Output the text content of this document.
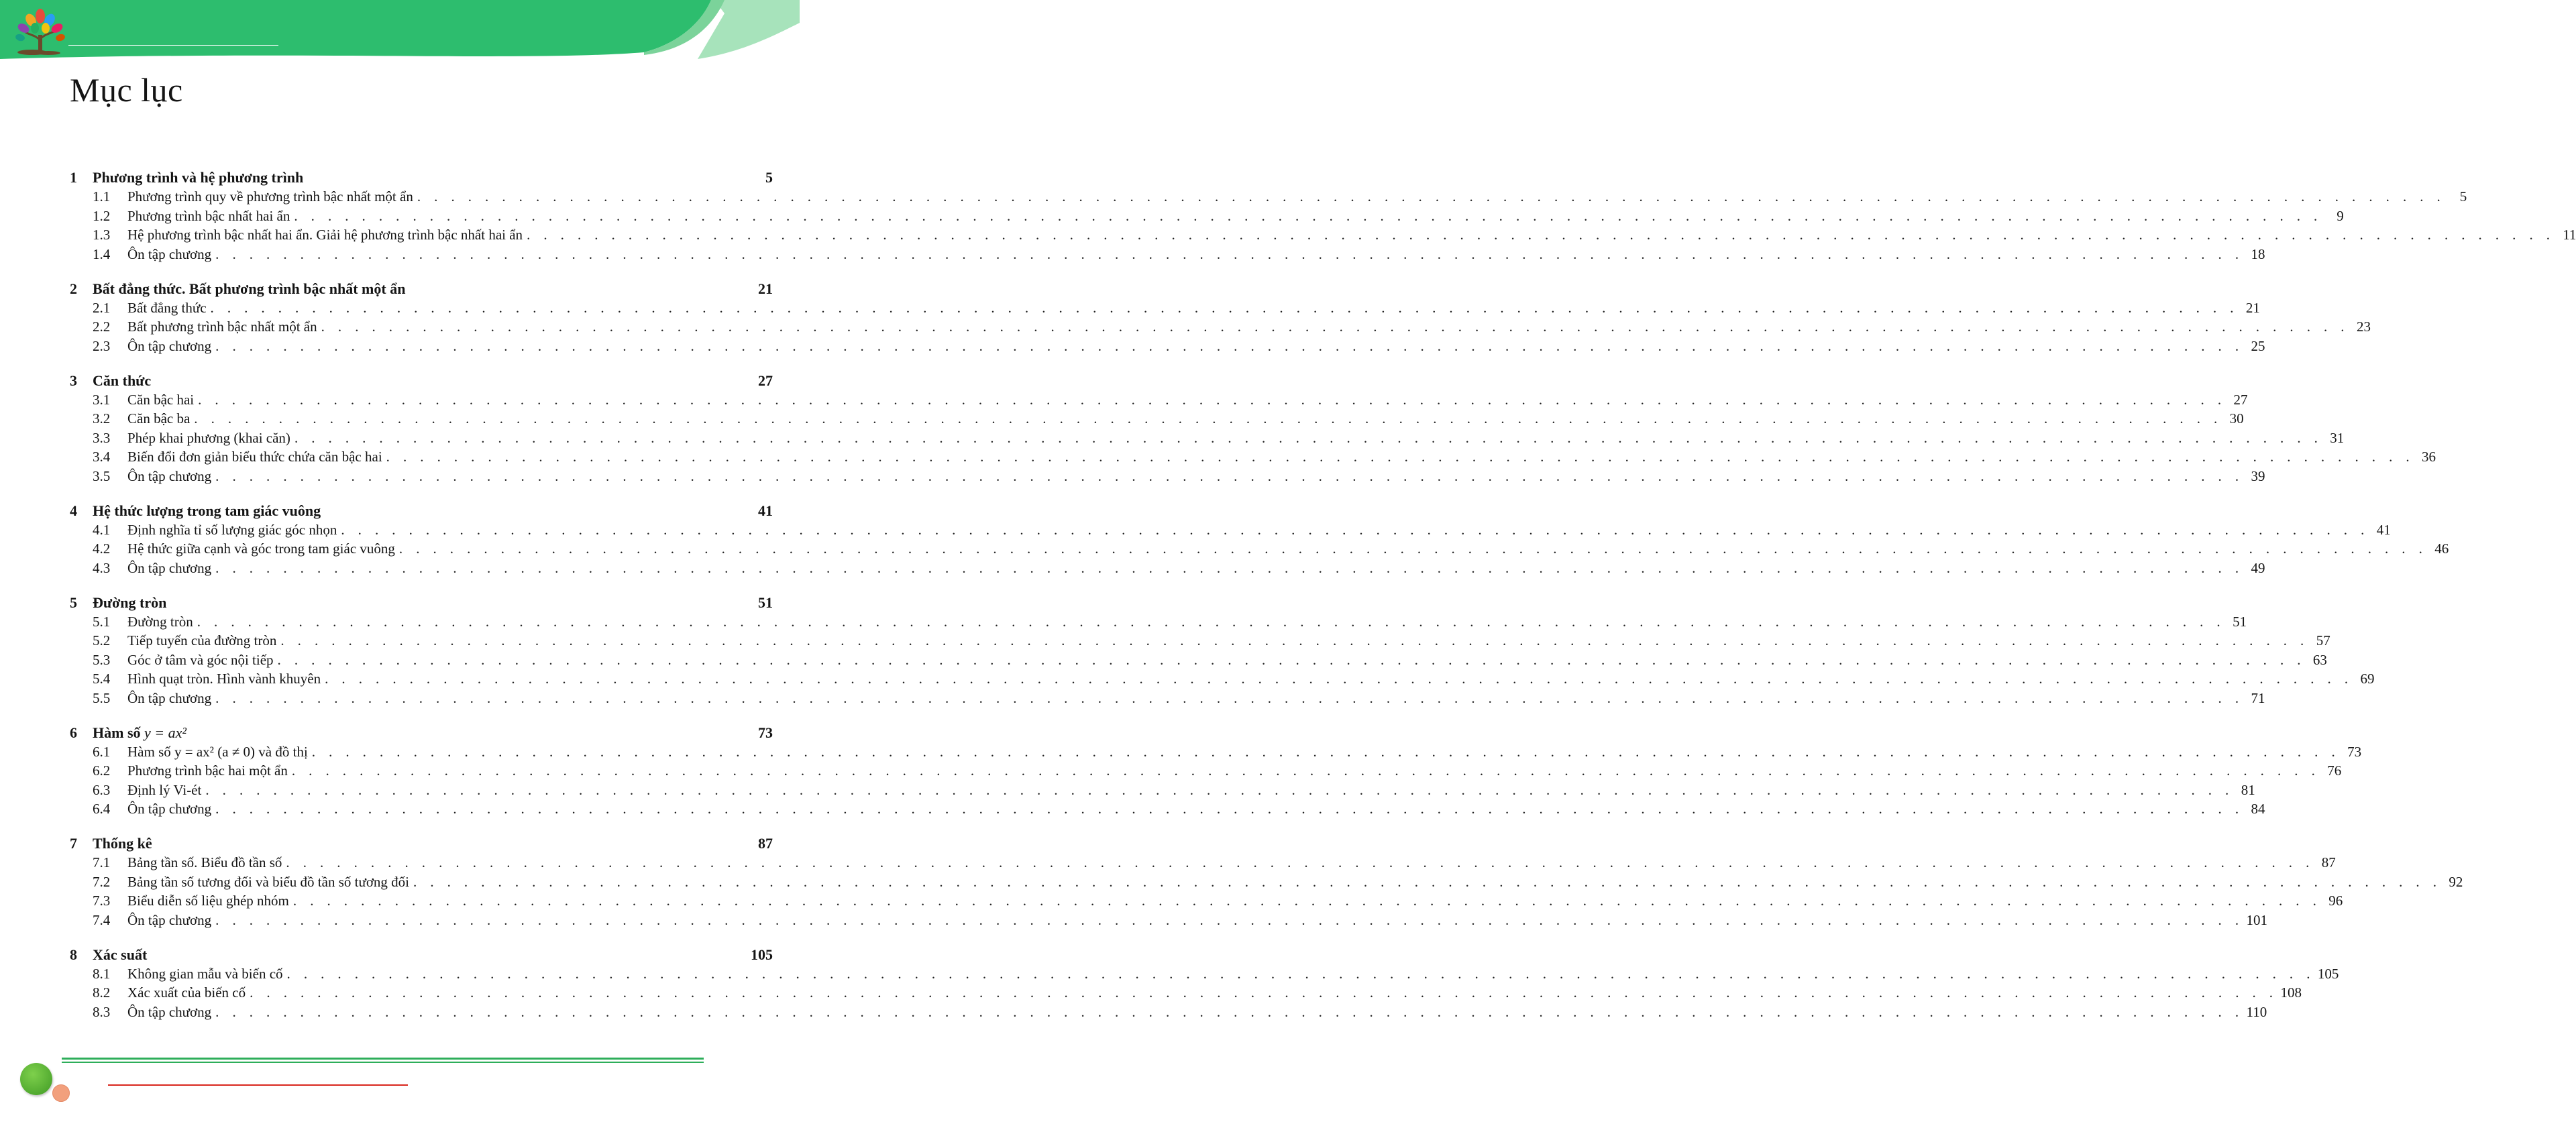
Mục lục
1	Phương trình và hệ phương trình	5
1.1	Phương trình quy về phương trình bậc nhất một ẩn . . . . . . . . . . . . . . . . . . . . . . . . . . . . . . . . . . . . . . . . . . . . . . . . . . . . . . . . . . . . . . . . . . . . . . . . . . . . . . . . . . . . . . . . . . . . . . . . . . . . . . . . . . . . . . . . . . . . . . . .	5
1.2	Phương trình bậc nhất hai ẩn . . . . . . . . . . . . . . . . . . . . . . . . . . . . . . . . . . . . . . . . . . . . . . . . . . . . . . . . . . . . . . . . . . . . . . . . . . . . . . . . . . . . . . . . . . . . . . . . . . . . . . . . . . . . . . . . . . . . . . . .	9
1.3	Hệ phương trình bậc nhất hai ẩn. Giải hệ phương trình bậc nhất hai ẩn . . . . . . . . . . . . . . . . . . . . . . . . . . . . . . . . . . . . . . . . . . . . . . . . . . . . . . . . . . . . . . . . . . . . . . . . . . . . . . . . . . . . . . . . . . . . . . . . . . . . . . . . . . . . . . . . . . . . . . . . 11
1.4	Ôn tập chương . . . . . . . . . . . . . . . . . . . . . . . . . . . . . . . . . . . . . . . . . . . . . . . . . . . . . . . . . . . . . . . . . . . . . . . . . . . . . . . . . . . . . . . . . . . . . . . . . . . . . . . . . . . . . . . . . . . . . . . . 18
2	Bất đẳng thức. Bất phương trình bậc nhất một ẩn	21
2.1	Bất đẳng thức . . . . . . . . . . . . . . . . . . . . . . . . . . . . . . . . . . . . . . . . . . . . . . . . . . . . . . . . . . . . . . . . . . . . . . . . . . . . . . . . . . . . . . . . . . . . . . . . . . . . . . . . . . . . . . . . . . . . . . . . 21
2.2	Bất phương trình bậc nhất một ẩn . . . . . . . . . . . . . . . . . . . . . . . . . . . . . . . . . . . . . . . . . . . . . . . . . . . . . . . . . . . . . . . . . . . . . . . . . . . . . . . . . . . . . . . . . . . . . . . . . . . . . . . . . . . . . . . . . . . . . . . . 23
2.3	Ôn tập chương . . . . . . . . . . . . . . . . . . . . . . . . . . . . . . . . . . . . . . . . . . . . . . . . . . . . . . . . . . . . . . . . . . . . . . . . . . . . . . . . . . . . . . . . . . . . . . . . . . . . . . . . . . . . . . . . . . . . . . . . 25
3	Căn thức	27
3.1	Căn bậc hai . . . . . . . . . . . . . . . . . . . . . . . . . . . . . . . . . . . . . . . . . . . . . . . . . . . . . . . . . . . . . . . . . . . . . . . . . . . . . . . . . . . . . . . . . . . . . . . . . . . . . . . . . . . . . . . . . . . . . . . . 27
3.2	Căn bậc ba . . . . . . . . . . . . . . . . . . . . . . . . . . . . . . . . . . . . . . . . . . . . . . . . . . . . . . . . . . . . . . . . . . . . . . . . . . . . . . . . . . . . . . . . . . . . . . . . . . . . . . . . . . . . . . . . . . . . . . . . 30
3.3	Phép khai phương (khai căn) . . . . . . . . . . . . . . . . . . . . . . . . . . . . . . . . . . . . . . . . . . . . . . . . . . . . . . . . . . . . . . . . . . . . . . . . . . . . . . . . . . . . . . . . . . . . . . . . . . . . . . . . . . . . . . . . . . . . . . . . 31
3.4	Biến đổi đơn giản biểu thức chứa căn bậc hai . . . . . . . . . . . . . . . . . . . . . . . . . . . . . . . . . . . . . . . . . . . . . . . . . . . . . . . . . . . . . . . . . . . . . . . . . . . . . . . . . . . . . . . . . . . . . . . . . . . . . . . . . . . . . . . . . . . . . . . . 36
3.5	Ôn tập chương . . . . . . . . . . . . . . . . . . . . . . . . . . . . . . . . . . . . . . . . . . . . . . . . . . . . . . . . . . . . . . . . . . . . . . . . . . . . . . . . . . . . . . . . . . . . . . . . . . . . . . . . . . . . . . . . . . . . . . . . 39
4	Hệ thức lượng trong tam giác vuông	41
4.1	Định nghĩa tỉ số lượng giác góc nhọn . . . . . . . . . . . . . . . . . . . . . . . . . . . . . . . . . . . . . . . . . . . . . . . . . . . . . . . . . . . . . . . . . . . . . . . . . . . . . . . . . . . . . . . . . . . . . . . . . . . . . . . . . . . . . . . . . . . . . . . . 41
4.2	Hệ thức giữa cạnh và góc trong tam giác vuông . . . . . . . . . . . . . . . . . . . . . . . . . . . . . . . . . . . . . . . . . . . . . . . . . . . . . . . . . . . . . . . . . . . . . . . . . . . . . . . . . . . . . . . . . . . . . . . . . . . . . . . . . . . . . . . . . . . . . . . . 46
4.3	Ôn tập chương . . . . . . . . . . . . . . . . . . . . . . . . . . . . . . . . . . . . . . . . . . . . . . . . . . . . . . . . . . . . . . . . . . . . . . . . . . . . . . . . . . . . . . . . . . . . . . . . . . . . . . . . . . . . . . . . . . . . . . . . 49
5	Đường tròn	51
5.1	Đường tròn . . . . . . . . . . . . . . . . . . . . . . . . . . . . . . . . . . . . . . . . . . . . . . . . . . . . . . . . . . . . . . . . . . . . . . . . . . . . . . . . . . . . . . . . . . . . . . . . . . . . . . . . . . . . . . . . . . . . . . . . 51
5.2	Tiếp tuyến của đường tròn . . . . . . . . . . . . . . . . . . . . . . . . . . . . . . . . . . . . . . . . . . . . . . . . . . . . . . . . . . . . . . . . . . . . . . . . . . . . . . . . . . . . . . . . . . . . . . . . . . . . . . . . . . . . . . . . . . . . . . . . 57
5.3	Góc ở tâm và góc nội tiếp . . . . . . . . . . . . . . . . . . . . . . . . . . . . . . . . . . . . . . . . . . . . . . . . . . . . . . . . . . . . . . . . . . . . . . . . . . . . . . . . . . . . . . . . . . . . . . . . . . . . . . . . . . . . . . . . . . . . . . . . 63
5.4	Hình quạt tròn. Hình vành khuyên . . . . . . . . . . . . . . . . . . . . . . . . . . . . . . . . . . . . . . . . . . . . . . . . . . . . . . . . . . . . . . . . . . . . . . . . . . . . . . . . . . . . . . . . . . . . . . . . . . . . . . . . . . . . . . . . . . . . . . . . 69
5.5	Ôn tập chương . . . . . . . . . . . . . . . . . . . . . . . . . . . . . . . . . . . . . . . . . . . . . . . . . . . . . . . . . . . . . . . . . . . . . . . . . . . . . . . . . . . . . . . . . . . . . . . . . . . . . . . . . . . . . . . . . . . . . . . . 71
6	Hàm số y = ax²	73
6.1	Hàm số y = ax² (a ≠ 0) và đồ thị . . . . . . . . . . . . . . . . . . . . . . . . . . . . . . . . . . . . . . . . . . . . . . . . . . . . . . . . . . . . . . . . . . . . . . . . . . . . . . . . . . . . . . . . . . . . . . . . . . . . . . . . . . . . . . . . . . . . . . . . 73
6.2	Phương trình bậc hai một ẩn . . . . . . . . . . . . . . . . . . . . . . . . . . . . . . . . . . . . . . . . . . . . . . . . . . . . . . . . . . . . . . . . . . . . . . . . . . . . . . . . . . . . . . . . . . . . . . . . . . . . . . . . . . . . . . . . . . . . . . . . 76
6.3	Định lý Vi-ét . . . . . . . . . . . . . . . . . . . . . . . . . . . . . . . . . . . . . . . . . . . . . . . . . . . . . . . . . . . . . . . . . . . . . . . . . . . . . . . . . . . . . . . . . . . . . . . . . . . . . . . . . . . . . . . . . . . . . . . . 81
6.4	Ôn tập chương . . . . . . . . . . . . . . . . . . . . . . . . . . . . . . . . . . . . . . . . . . . . . . . . . . . . . . . . . . . . . . . . . . . . . . . . . . . . . . . . . . . . . . . . . . . . . . . . . . . . . . . . . . . . . . . . . . . . . . . . 84
7	Thống kê	87
7.1	Bảng tần số. Biểu đồ tần số . . . . . . . . . . . . . . . . . . . . . . . . . . . . . . . . . . . . . . . . . . . . . . . . . . . . . . . . . . . . . . . . . . . . . . . . . . . . . . . . . . . . . . . . . . . . . . . . . . . . . . . . . . . . . . . . . . . . . . . . 87
7.2	Bảng tần số tương đối và biểu đồ tần số tương đối . . . . . . . . . . . . . . . . . . . . . . . . . . . . . . . . . . . . . . . . . . . . . . . . . . . . . . . . . . . . . . . . . . . . . . . . . . . . . . . . . . . . . . . . . . . . . . . . . . . . . . . . . . . . . . . . . . . . . . . . 92
7.3	Biểu diễn số liệu ghép nhóm . . . . . . . . . . . . . . . . . . . . . . . . . . . . . . . . . . . . . . . . . . . . . . . . . . . . . . . . . . . . . . . . . . . . . . . . . . . . . . . . . . . . . . . . . . . . . . . . . . . . . . . . . . . . . . . . . . . . . . . . 96
7.4	Ôn tập chương . . . . . . . . . . . . . . . . . . . . . . . . . . . . . . . . . . . . . . . . . . . . . . . . . . . . . . . . . . . . . . . . . . . . . . . . . . . . . . . . . . . . . . . . . . . . . . . . . . . . . . . . . . . . . . . . . . . . . . . . 101
8	Xác suất	105
8.1	Không gian mẫu và biến cố . . . . . . . . . . . . . . . . . . . . . . . . . . . . . . . . . . . . . . . . . . . . . . . . . . . . . . . . . . . . . . . . . . . . . . . . . . . . . . . . . . . . . . . . . . . . . . . . . . . . . . . . . . . . . . . . . . . . . . . . 105
8.2	Xác xuất của biến cố . . . . . . . . . . . . . . . . . . . . . . . . . . . . . . . . . . . . . . . . . . . . . . . . . . . . . . . . . . . . . . . . . . . . . . . . . . . . . . . . . . . . . . . . . . . . . . . . . . . . . . . . . . . . . . . . . . . . . . . . 108
8.3	Ôn tập chương . . . . . . . . . . . . . . . . . . . . . . . . . . . . . . . . . . . . . . . . . . . . . . . . . . . . . . . . . . . . . . . . . . . . . . . . . . . . . . . . . . . . . . . . . . . . . . . . . . . . . . . . . . . . . . . . . . . . . . . . 110
